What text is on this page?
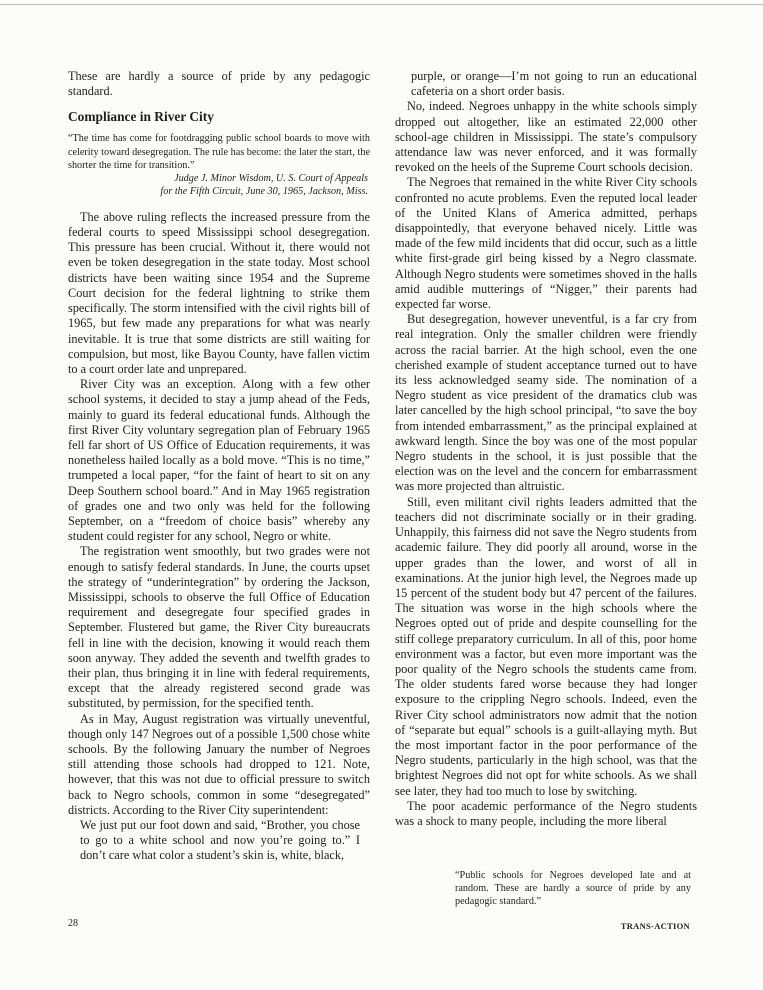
These are hardly a source of pride by any pedagogic standard.

Compliance in River City
“The time has come for footdragging public school boards to move with celerity toward desegregation. The rule has become: the later the start, the shorter the time for transition.”
Judge J. Minor Wisdom, U. S. Court of Appeals
for the Fifth Circuit, June 30, 1965, Jackson, Miss.

The above ruling reflects the increased pressure from the federal courts to speed Mississippi school desegregation. This pressure has been crucial. Without it, there would not even be token desegregation in the state today. Most school districts have been waiting since 1954 and the Supreme Court decision for the federal lightning to strike them specifically. The storm intensified with the civil rights bill of 1965, but few made any preparations for what was nearly inevitable. It is true that some districts are still waiting for compulsion, but most, like Bayou County, have fallen victim to a court order late and unprepared.

River City was an exception. Along with a few other school systems, it decided to stay a jump ahead of the Feds, mainly to guard its federal educational funds. Although the first River City voluntary segregation plan of February 1965 fell far short of US Office of Education requirements, it was nonetheless hailed locally as a bold move. “This is no time,” trumpeted a local paper, “for the faint of heart to sit on any Deep Southern school board.” And in May 1965 registration of grades one and two only was held for the following September, on a “freedom of choice basis” whereby any student could register for any school, Negro or white.

The registration went smoothly, but two grades were not enough to satisfy federal standards. In June, the courts upset the strategy of “underintegration” by ordering the Jackson, Mississippi, schools to observe the full Office of Education requirement and desegregate four specified grades in September. Flustered but game, the River City bureaucrats fell in line with the decision, knowing it would reach them soon anyway. They added the seventh and twelfth grades to their plan, thus bringing it in line with federal requirements, except that the already registered second grade was substituted, by permission, for the specified tenth.

As in May, August registration was virtually uneventful, though only 147 Negroes out of a possible 1,500 chose white schools. By the following January the number of Negroes still attending those schools had dropped to 121. Note, however, that this was not due to official pressure to switch back to Negro schools, common in some “desegregated” districts. According to the River City superintendent:

We just put our foot down and said, “Brother, you chose to go to a white school and now you’re going to.” I don’t care what color a student’s skin is, white, black,
purple, or orange—I’m not going to run an educational cafeteria on a short order basis.

No, indeed. Negroes unhappy in the white schools simply dropped out altogether, like an estimated 22,000 other school-age children in Mississippi. The state’s compulsory attendance law was never enforced, and it was formally revoked on the heels of the Supreme Court schools decision.

The Negroes that remained in the white River City schools confronted no acute problems. Even the reputed local leader of the United Klans of America admitted, perhaps disappointedly, that everyone behaved nicely. Little was made of the few mild incidents that did occur, such as a little white first-grade girl being kissed by a Negro classmate. Although Negro students were sometimes shoved in the halls amid audible mutterings of “Nigger,” their parents had expected far worse.

But desegregation, however uneventful, is a far cry from real integration. Only the smaller children were friendly across the racial barrier. At the high school, even the one cherished example of student acceptance turned out to have its less acknowledged seamy side. The nomination of a Negro student as vice president of the dramatics club was later cancelled by the high school principal, “to save the boy from intended embarrassment,” as the principal explained at awkward length. Since the boy was one of the most popular Negro students in the school, it is just possible that the election was on the level and the concern for embarrassment was more projected than altruistic.

Still, even militant civil rights leaders admitted that the teachers did not discriminate socially or in their grading. Unhappily, this fairness did not save the Negro students from academic failure. They did poorly all around, worse in the upper grades than the lower, and worst of all in examinations. At the junior high level, the Negroes made up 15 percent of the student body but 47 percent of the failures. The situation was worse in the high schools where the Negroes opted out of pride and despite counselling for the stiff college preparatory curriculum. In all of this, poor home environment was a factor, but even more important was the poor quality of the Negro schools the students came from. The older students fared worse because they had longer exposure to the crippling Negro schools. Indeed, even the River City school administrators now admit that the notion of “separate but equal” schools is a guilt-allaying myth. But the most important factor in the poor performance of the Negro students, particularly in the high school, was that the brightest Negroes did not opt for white schools. As we shall see later, they had too much to lose by switching.

The poor academic performance of the Negro students was a shock to many people, including the more liberal

“Public schools for Negroes developed late and at random. These are hardly a source of pride by any pedagogic standard.”
28	TRANS-ACTION
